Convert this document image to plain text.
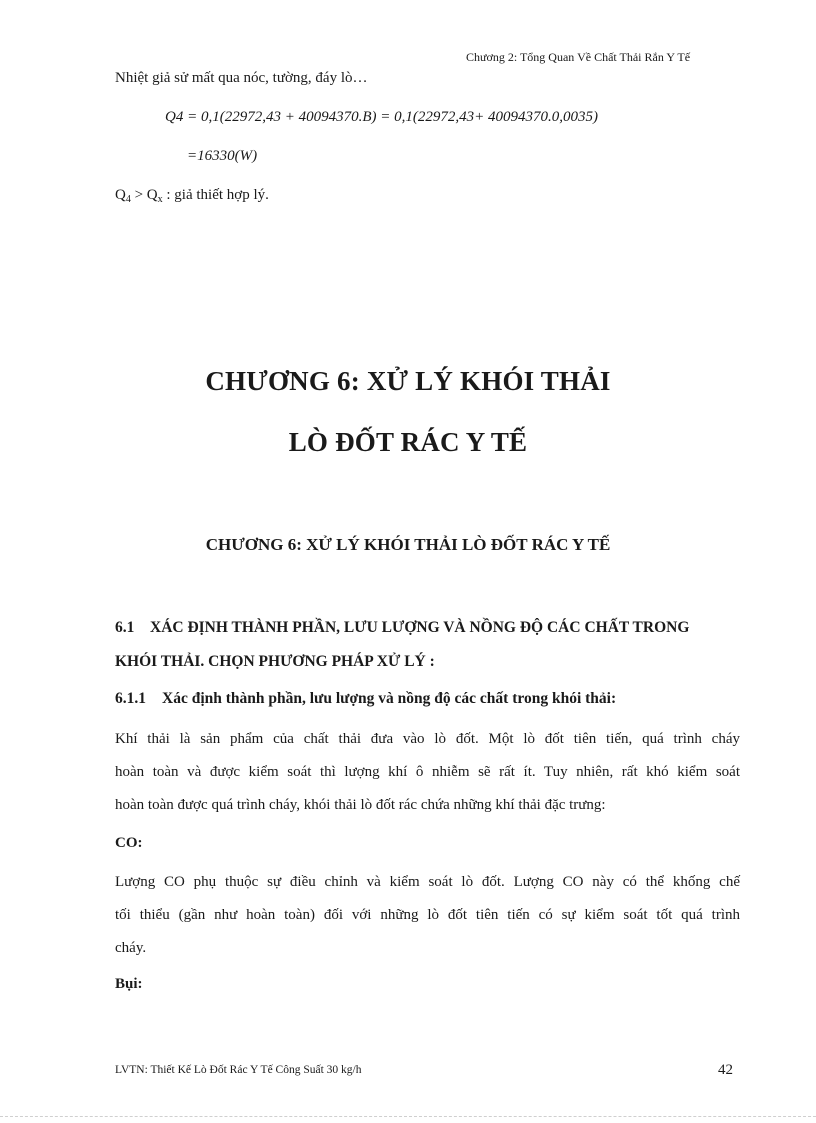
Chương 2: Tổng Quan Về Chất Thải Rắn Y Tế
Nhiệt giả sử mất qua nóc, tường, đáy lò…
Q4 = 0,1(22972,43 + 40094370.B) = 0,1(22972,43+ 40094370.0,0035)
=16330(W)
$Q_4 > Q_x$ : giả thiết hợp lý.
CHƯƠNG 6: XỬ LÝ KHÓI THẢI
LÒ ĐỐT RÁC Y TẾ
CHƯƠNG 6: XỬ LÝ KHÓI THẢI LÒ ĐỐT RÁC Y TẾ
6.1 XÁC ĐỊNH THÀNH PHẦN, LƯU LƯỢNG VÀ NỒNG ĐỘ CÁC CHẤT TRONG
KHÓI THẢI. CHỌN PHƯƠNG PHÁP XỬ LÝ :
6.1.1 Xác định thành phần, lưu lượng và nồng độ các chất trong khói thải:
Khí thải là sản phẩm của chất thải đưa vào lò đốt. Một lò đốt tiên tiến, quá trình cháy
hoàn toàn và được kiểm soát thì lượng khí ô nhiễm sẽ rất ít. Tuy nhiên, rất khó kiểm soát
hoàn toàn được quá trình cháy, khói thải lò đốt rác chứa những khí thải đặc trưng:
CO:
Lượng CO phụ thuộc sự điều chỉnh và kiểm soát lò đốt. Lượng CO này có thể khống chế
tối thiểu (gần như hoàn toàn) đối với những lò đốt tiên tiến có sự kiểm soát tốt quá trình
cháy.
Bụi:
LVTN: Thiết Kế Lò Đốt Rác Y Tế Công Suất 30 kg/h	42
